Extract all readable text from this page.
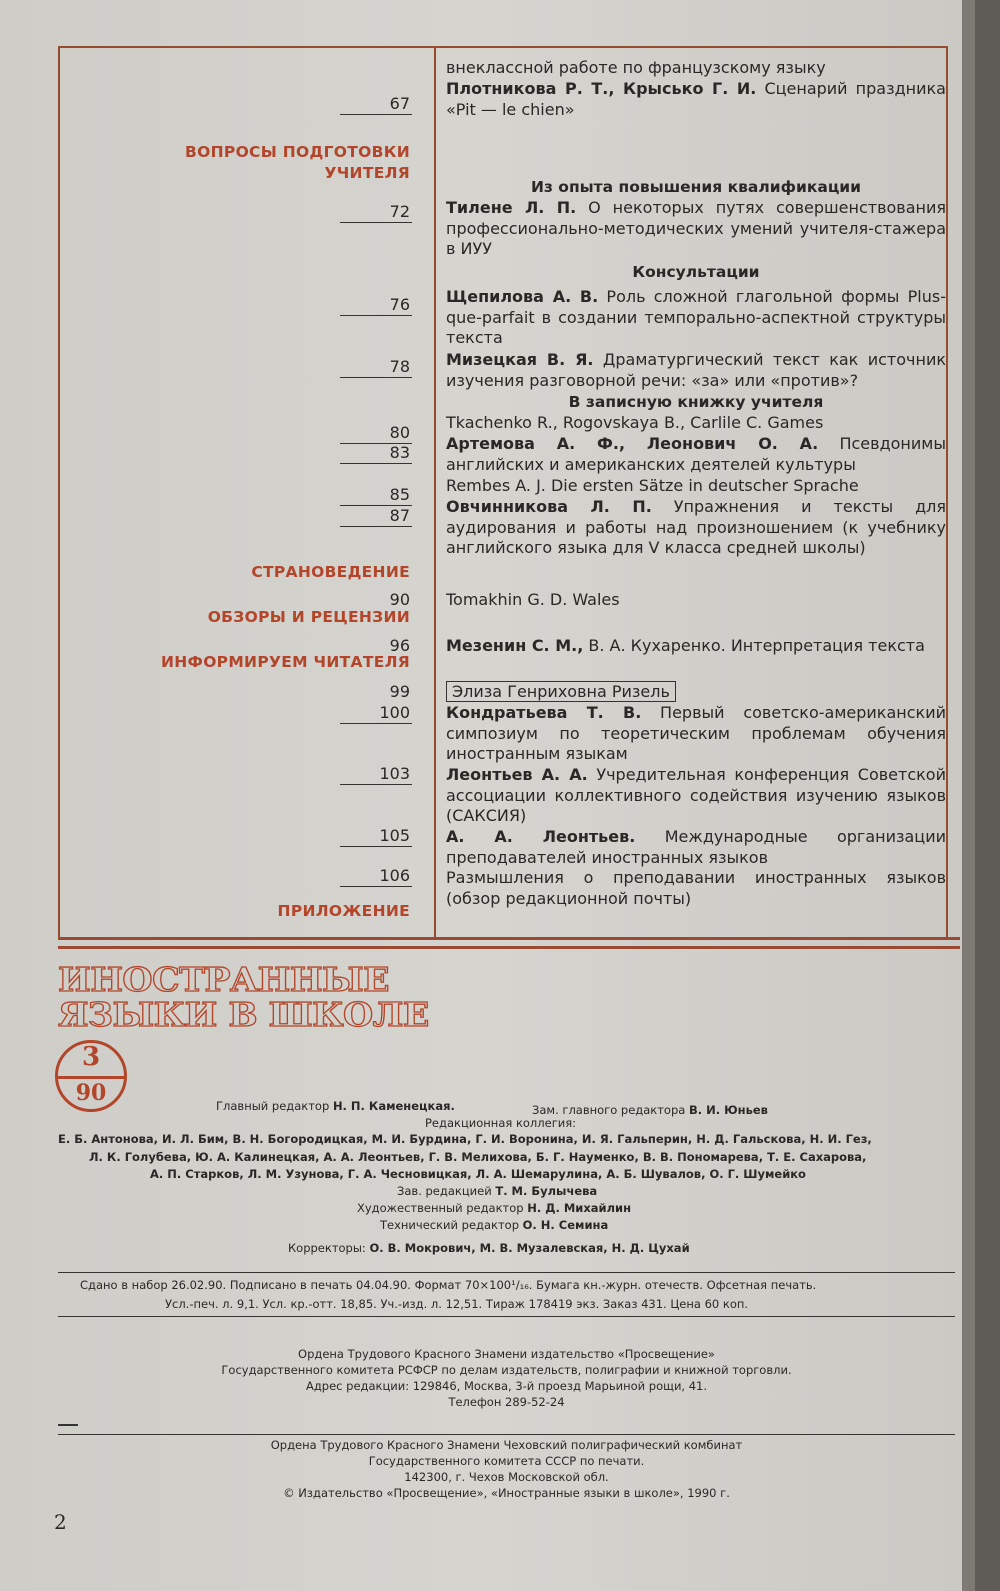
ВОПРОСЫ ПОДГОТОВКИ
УЧИТЕЛЯ
СТРАНОВЕДЕНИЕ
ОБЗОРЫ И РЕЦЕНЗИИ
ИНФОРМИРУЕМ ЧИТАТЕЛЯ
ПРИЛОЖЕНИЕ
67
72
76
78
80
83
85
87
90
96
99
100
103
105
106
внеклассной работе по французскому языку
Плотникова Р. Т., Крысько Г. И. Сценарий праздника «Pit — le chien»
Из опыта повышения квалификации
Тилене Л. П. О некоторых путях совершенствования профессионально-методических умений учителя-стажера в ИУУ
Консультации
Щепилова А. В. Роль сложной глагольной формы Plus-que-parfait в создании темпорально-аспектной структуры текста
Мизецкая В. Я. Драматургический текст как источник изучения разговорной речи: «за» или «против»?
В записную книжку учителя
Tkachenko R., Rogovskaya B., Carlile C. Games
Артемова А. Ф., Леонович О. А. Псевдонимы английских и американских деятелей культуры
Rembes A. J. Die ersten Sätze in deutscher Sprache
Овчинникова Л. П. Упражнения и тексты для аудирования и работы над произношением (к учебнику английского языка для V класса средней школы)
Tomakhin G. D. Wales
Мезенин С. М., В. А. Кухаренко. Интерпретация текста
Элиза Генриховна Ризель
Кондратьева Т. В. Первый советско-американский симпозиум по теоретическим проблемам обучения иностранным языкам
Леонтьев А. А. Учредительная конференция Советской ассоциации коллективного содействия изучению языков (САКСИЯ)
А. А. Леонтьев. Международные организации преподавателей иностранных языков
Размышления о преподавании иностранных языков (обзор редакционной почты)
ИНОСТРАННЫЕ
ЯЗЫКИ В ШКОЛЕ
3
90	Главный редактор Н. П. Каменецкая.	Зам. главного редактора В. И. Юньев
Редакционная коллегия:
Е. Б. Антонова, И. Л. Бим, В. Н. Богородицкая, М. И. Бурдина, Г. И. Воронина, И. Я. Гальперин, Н. Д. Гальскова, Н. И. Гез,
Л. К. Голубева, Ю. А. Калинецкая, А. А. Леонтьев, Г. В. Мелихова, Б. Г. Науменко, В. В. Пономарева, Т. Е. Сахарова,
А. П. Старков, Л. М. Узунова, Г. А. Чесновицкая, Л. А. Шемарулина, А. Б. Шувалов, О. Г. Шумейко
Зав. редакцией Т. М. Булычева
Художественный редактор Н. Д. Михайлин
Технический редактор О. Н. Семина
Корректоры: О. В. Мокрович, М. В. Музалевская, Н. Д. Цухай
Сдано в набор 26.02.90. Подписано в печать 04.04.90. Формат 70×100¹/₁₆. Бумага кн.-журн. отечеств. Офсетная печать.
Усл.-печ. л. 9,1. Усл. кр.-отт. 18,85. Уч.-изд. л. 12,51. Тираж 178419 экз. Заказ 431. Цена 60 коп.
Ордена Трудового Красного Знамени издательство «Просвещение»
Государственного комитета РСФСР по делам издательств, полиграфии и книжной торговли.
Адрес редакции: 129846, Москва, 3-й проезд Марьиной рощи, 41.
Телефон 289-52-24
Ордена Трудового Красного Знамени Чеховский полиграфический комбинат
Государственного комитета СССР по печати.
142300, г. Чехов Московской обл.
© Издательство «Просвещение», «Иностранные языки в школе», 1990 г.
2
